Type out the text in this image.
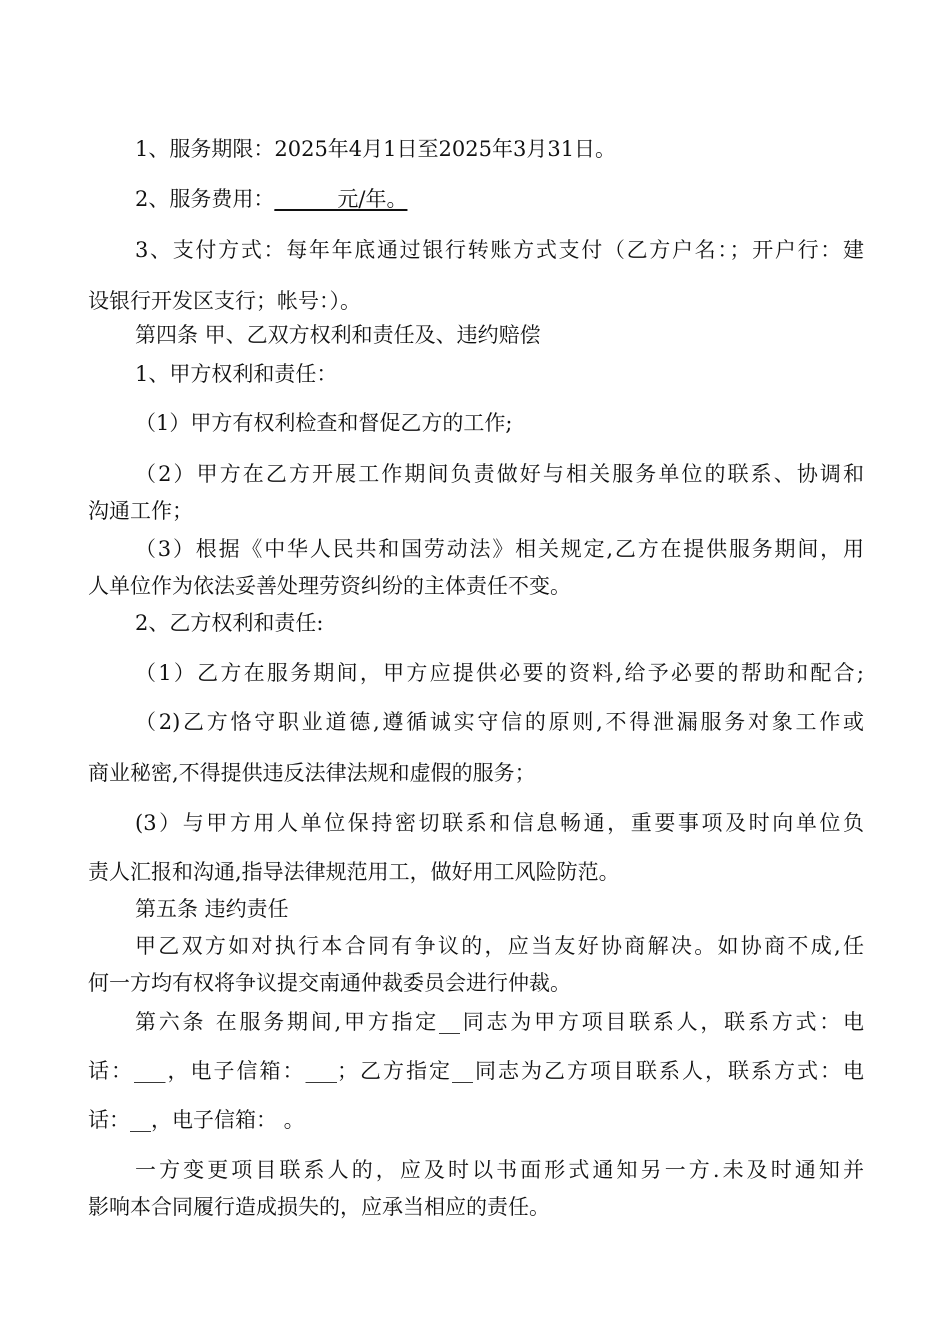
1、服务期限：2025年4月1日至2025年3月31日。
2、服务费用：______元/年。
3、支付方式：每年年底通过银行转账方式支付（乙方户名：；开户行：建
设银行开发区支行；帐号：）。
第四条 甲、乙双方权利和责任及、违约赔偿
1、甲方权利和责任：
（1）甲方有权利检查和督促乙方的工作;
（2）甲方在乙方开展工作期间负责做好与相关服务单位的联系、协调和
沟通工作；
（3）根据《中华人民共和国劳动法》相关规定,乙方在提供服务期间，用
人单位作为依法妥善处理劳资纠纷的主体责任不变。
2、乙方权利和责任:
（1）乙方在服务期间，甲方应提供必要的资料,给予必要的帮助和配合;
（2)乙方恪守职业道德,遵循诚实守信的原则,不得泄漏服务对象工作或
商业秘密,不得提供违反法律法规和虚假的服务；
(3）与甲方用人单位保持密切联系和信息畅通，重要事项及时向单位负
责人汇报和沟通,指导法律规范用工，做好用工风险防范。
第五条 违约责任
甲乙双方如对执行本合同有争议的，应当友好协商解决。如协商不成,任
何一方均有权将争议提交南通仲裁委员会进行仲裁。
第六条 在服务期间,甲方指定__同志为甲方项目联系人，联系方式：电
话：___，电子信箱：___；乙方指定__同志为乙方项目联系人，联系方式：电
话：__，电子信箱： 。
一方变更项目联系人的，应及时以书面形式通知另一方.未及时通知并
影响本合同履行造成损失的，应承当相应的责任。
